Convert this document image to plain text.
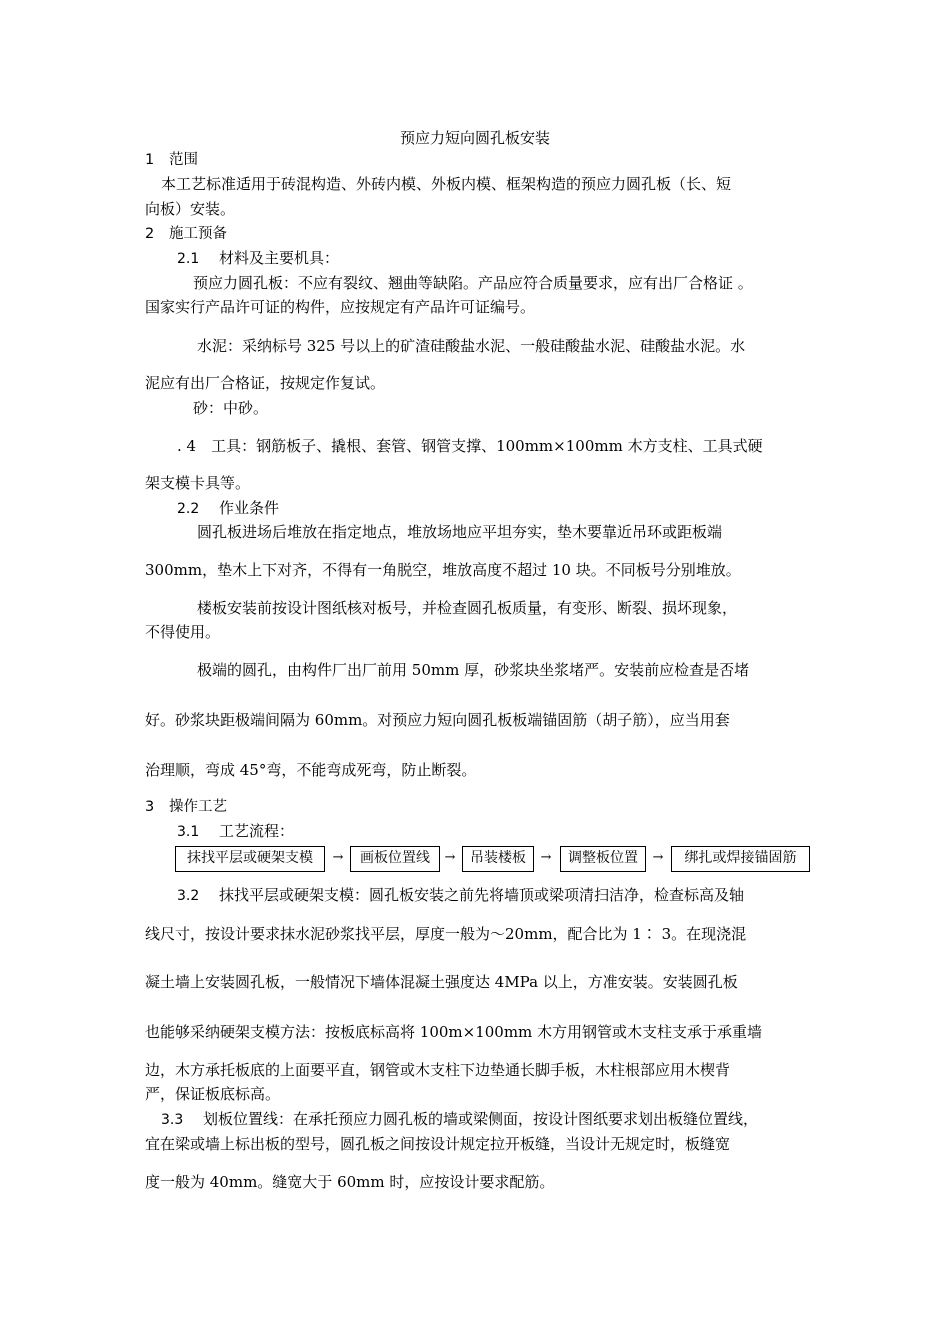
预应力短向圆孔板安装
1 范围
本工艺标准适用于砖混构造、外砖内模、外板内模、框架构造的预应力圆孔板（长、短
向板）安装。
2 施工预备
2.1 材料及主要机具：
预应力圆孔板：不应有裂纹、翘曲等缺陷。产品应符合质量要求，应有出厂合格证 。
国家实行产品许可证的构件，应按规定有产品许可证编号。
水泥：采纳标号 325 号以上的矿渣硅酸盐水泥、一般硅酸盐水泥、硅酸盐水泥。水
泥应有出厂合格证，按规定作复试。
砂：中砂。
. 4　工具：钢筋板子、撬根、套管、钢管支撑、100mm×100mm 木方支柱、工具式硬
架支模卡具等。
2.2 作业条件
圆孔板进场后堆放在指定地点，堆放场地应平坦夯实，垫木要靠近吊环或距板端
300mm，垫木上下对齐，不得有一角脱空，堆放高度不超过 10 块。不同板号分别堆放。
楼板安装前按设计图纸核对板号，并检查圆孔板质量，有变形、断裂、损坏现象，
不得使用。
极端的圆孔，由构件厂出厂前用 50mm 厚，砂浆块坐浆堵严。安装前应检查是否堵
好。砂浆块距极端间隔为 60mm。对预应力短向圆孔板板端锚固筋（胡子筋），应当用套
治理顺，弯成 45°弯，不能弯成死弯，防止断裂。
3 操作工艺
3.1 工艺流程：
抹找平层或硬架支模	→	画板位置线	→	吊装楼板	→	调整板位置	→	绑扎或焊接锚固筋
3.2 抹找平层或硬架支模：圆孔板安装之前先将墙顶或梁项清扫洁净，检查标高及轴
线尺寸，按设计要求抹水泥砂浆找平层，厚度一般为～20mm，配合比为 1∶ 3。在现浇混
凝土墙上安装圆孔板，一般情况下墙体混凝土强度达 4MPa 以上，方准安装。安装圆孔板
也能够采纳硬架支模方法：按板底标高将 100m×100mm 木方用钢管或木支柱支承于承重墙
边，木方承托板底的上面要平直，钢管或木支柱下边垫通长脚手板，木柱根部应用木楔背
严，保证板底标高。
3.3 划板位置线：在承托预应力圆孔板的墙或梁侧面，按设计图纸要求划出板缝位置线，
宜在梁或墙上标出板的型号，圆孔板之间按设计规定拉开板缝，当设计无规定时，板缝宽
度一般为 40mm。缝宽大于 60mm 时，应按设计要求配筋。
